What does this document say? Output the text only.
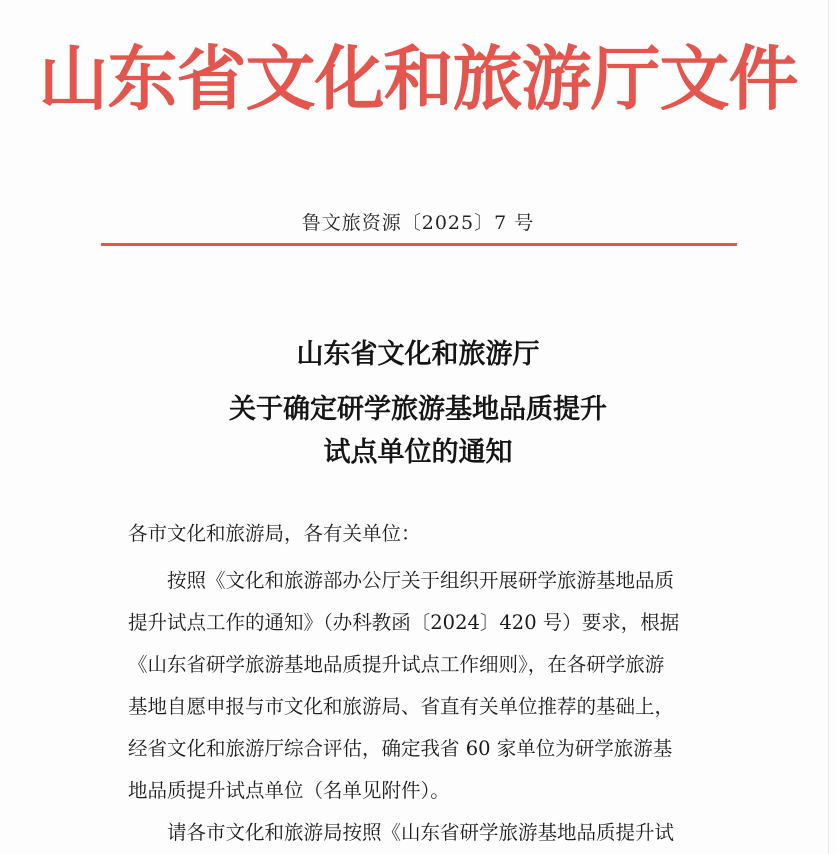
山东省文化和旅游厅文件
鲁文旅资源〔2025〕7 号
山东省文化和旅游厅
关于确定研学旅游基地品质提升
试点单位的通知
各市文化和旅游局，各有关单位：
　　按照《文化和旅游部办公厅关于组织开展研学旅游基地品质
提升试点工作的通知》（办科教函〔2024〕420 号）要求，根据
《山东省研学旅游基地品质提升试点工作细则》，在各研学旅游
基地自愿申报与市文化和旅游局、省直有关单位推荐的基础上，
经省文化和旅游厅综合评估，确定我省 60 家单位为研学旅游基
地品质提升试点单位（名单见附件）。
　　请各市文化和旅游局按照《山东省研学旅游基地品质提升试
